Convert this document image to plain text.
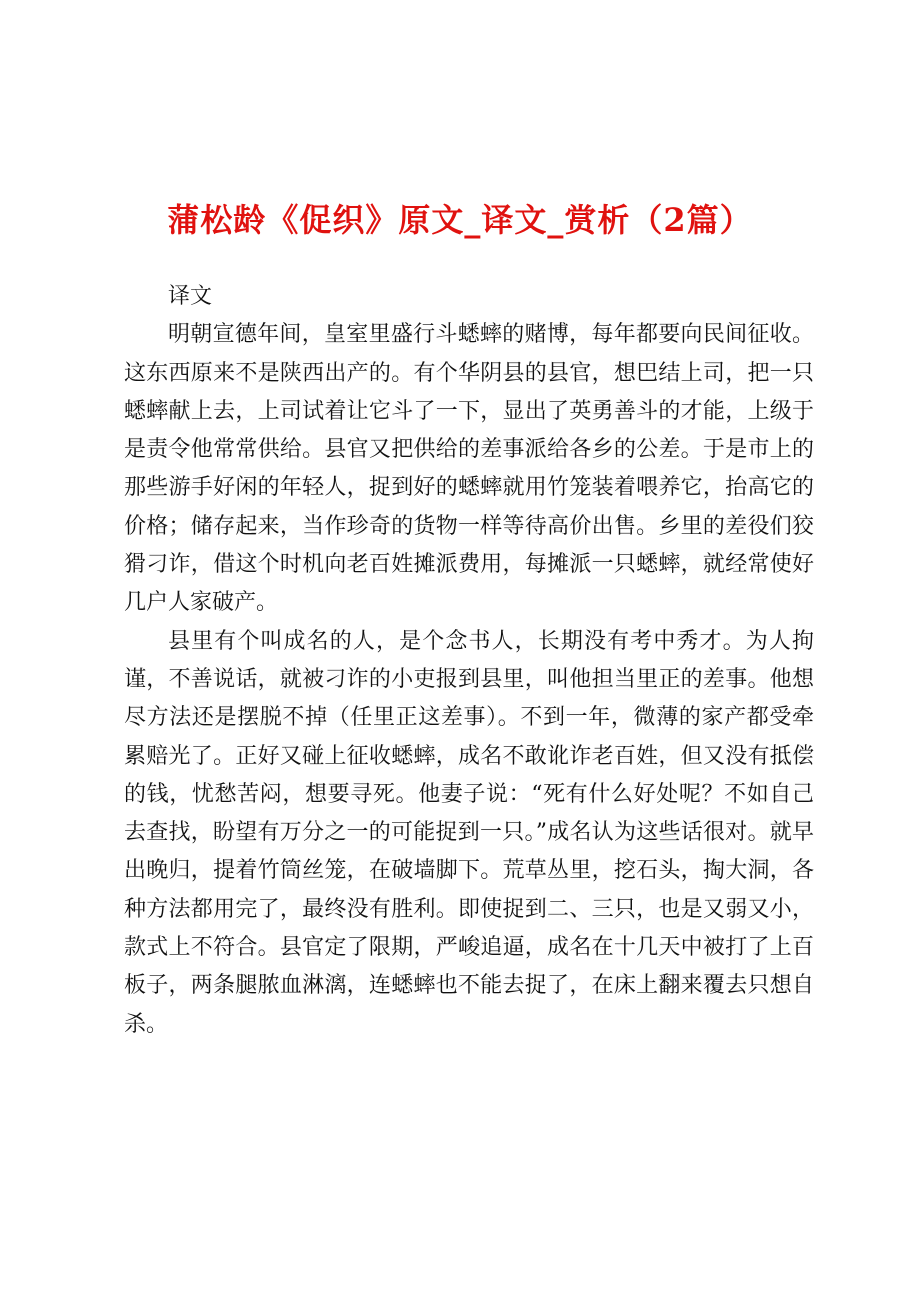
蒲松龄《促织》原文_译文_赏析（2篇）

译文

明朝宣德年间，皇室里盛行斗蟋蟀的赌博，每年都要向民间征收。这东西原来不是陕西出产的。有个华阴县的县官，想巴结上司，把一只蟋蟀献上去，上司试着让它斗了一下，显出了英勇善斗的才能，上级于是责令他常常供给。县官又把供给的差事派给各乡的公差。于是市上的那些游手好闲的年轻人，捉到好的蟋蟀就用竹笼装着喂养它，抬高它的价格；储存起来，当作珍奇的货物一样等待高价出售。乡里的差役们狡猾刁诈，借这个时机向老百姓摊派费用，每摊派一只蟋蟀，就经常使好几户人家破产。

县里有个叫成名的人，是个念书人，长期没有考中秀才。为人拘谨，不善说话，就被刁诈的小吏报到县里，叫他担当里正的差事。他想尽方法还是摆脱不掉（任里正这差事）。不到一年，微薄的家产都受牵累赔光了。正好又碰上征收蟋蟀，成名不敢讹诈老百姓，但又没有抵偿的钱，忧愁苦闷，想要寻死。他妻子说：“死有什么好处呢？不如自己去查找，盼望有万分之一的可能捉到一只。”成名认为这些话很对。就早出晚归，提着竹筒丝笼，在破墙脚下。荒草丛里，挖石头，掏大洞，各种方法都用完了，最终没有胜利。即使捉到二、三只，也是又弱又小，款式上不符合。县官定了限期，严峻追逼，成名在十几天中被打了上百板子，两条腿脓血淋漓，连蟋蟀也不能去捉了，在床上翻来覆去只想自杀。
